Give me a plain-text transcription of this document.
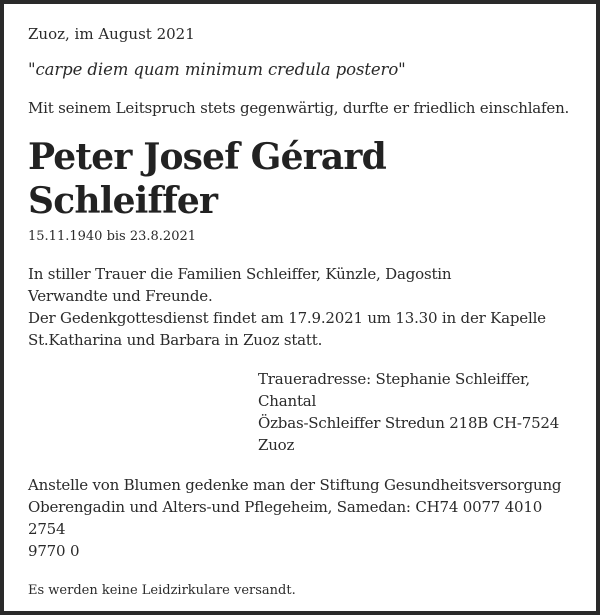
Zuoz, im August 2021

"carpe diem quam minimum credula postero"

Mit seinem Leitspruch stets gegenwärtig, durfte er friedlich einschlafen.

Peter Josef Gérard
Schleiffer

15.11.1940 bis 23.8.2021

In stiller Trauer die Familien Schleiffer, Künzle, Dagostin
Verwandte und Freunde.
Der Gedenkgottesdienst findet am 17.9.2021 um 13.30 in der Kapelle
St.Katharina und Barbara in Zuoz statt.

Traueradresse: Stephanie Schleiffer, Chantal
Özbas-Schleiffer Stredun 218B CH-7524
Zuoz

Anstelle von Blumen gedenke man der Stiftung Gesundheitsversorgung
Oberengadin und Alters-und Pflegeheim, Samedan: CH74 0077 4010 2754
9770 0

Es werden keine Leidzirkulare versandt.
